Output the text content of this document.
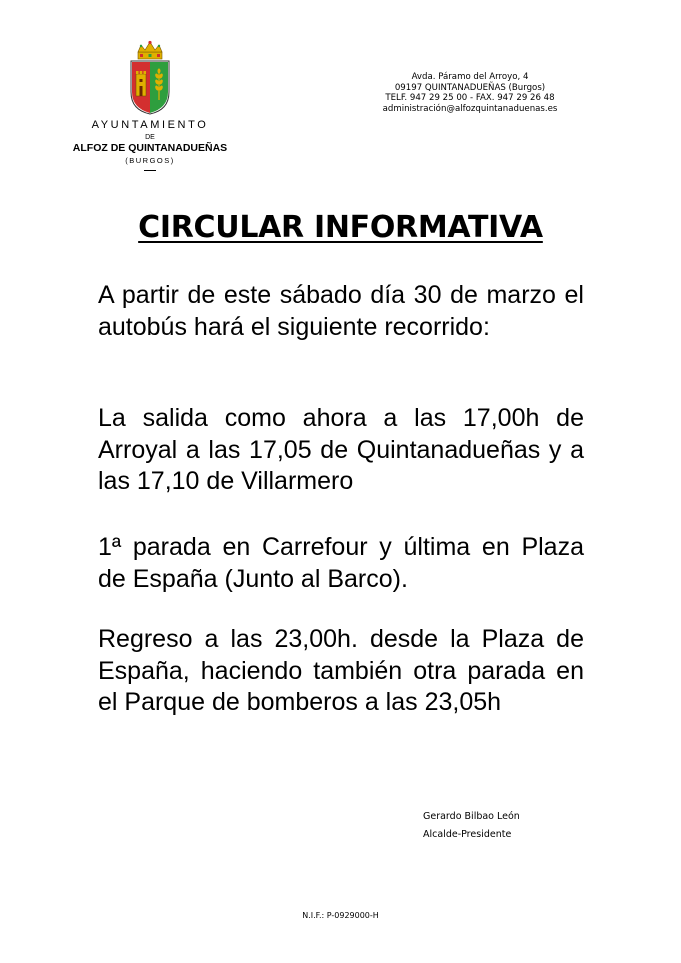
AYUNTAMIENTO
DE
ALFOZ DE QUINTANADUEÑAS
(BURGOS)
Avda. Páramo del Arroyo, 4
09197 QUINTANADUEÑAS (Burgos)
TELF. 947 29 25 00 - FAX. 947 29 26 48
administración@alfozquintanaduenas.es
CIRCULAR INFORMATIVA

A partir de este sábado día 30 de marzo el autobús hará el siguiente recorrido:

La salida como ahora a las 17,00h de Arroyal a las 17,05 de Quintanadueñas y a las 17,10 de Villarmero

1ª parada en Carrefour y última en Plaza de España (Junto al Barco).

Regreso a las 23,00h. desde la Plaza de España, haciendo también otra parada en el Parque de bomberos a las 23,05h

Gerardo Bilbao León
Alcalde-Presidente
N.I.F.: P-0929000-H
